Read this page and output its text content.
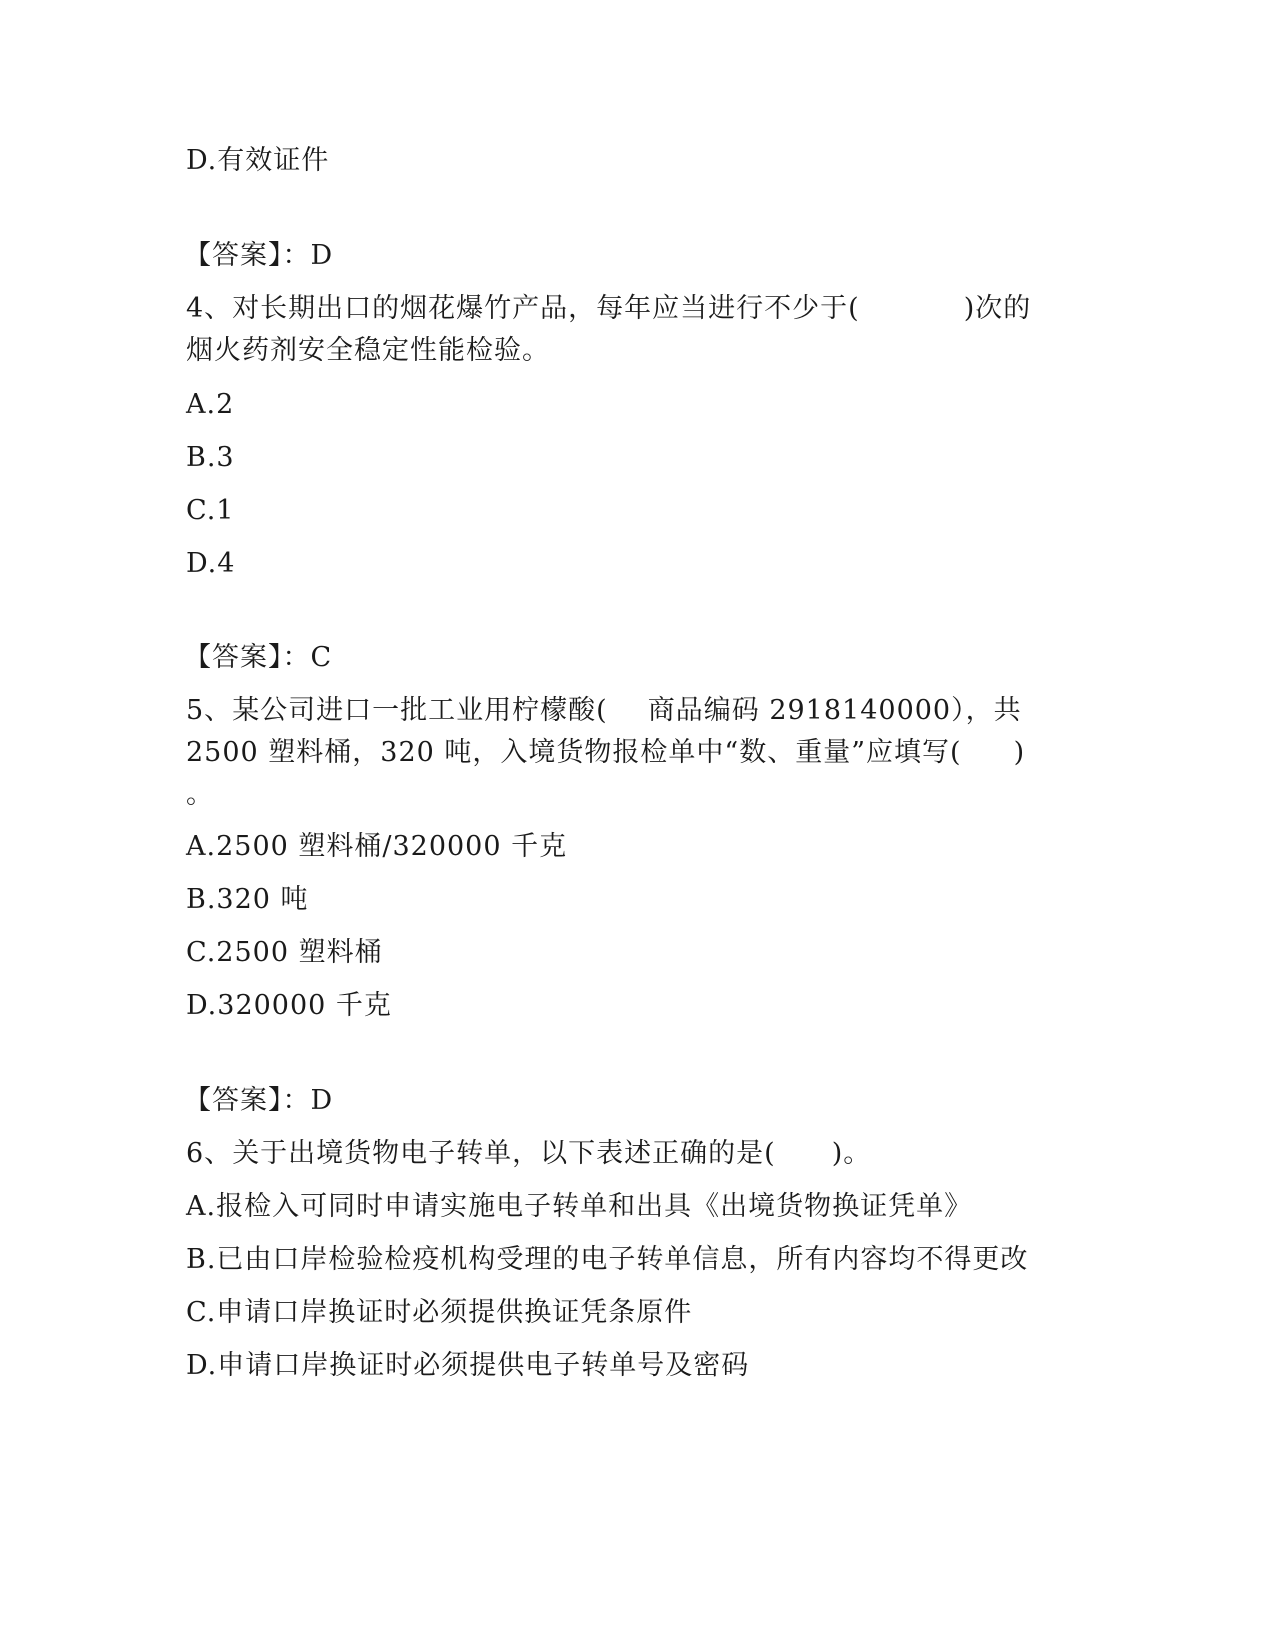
D.有效证件
【答案】：D
4、对长期出口的烟花爆竹产品，每年应当进行不少于(	)次的
烟火药剂安全稳定性能检验。
A.2
B.3
C.1
D.4
【答案】：C
5、某公司进口一批工业用柠檬酸( 商品编码 2918140000），共
2500 塑料桶，320 吨，入境货物报检单中“数、重量”应填写( )
。
A.2500 塑料桶/320000 千克
B.320 吨
C.2500 塑料桶
D.320000 千克
【答案】：D
6、关于出境货物电子转单，以下表述正确的是( )。
A.报检入可同时申请实施电子转单和出具《出境货物换证凭单》
B.已由口岸检验检疫机构受理的电子转单信息，所有内容均不得更改
C.申请口岸换证时必须提供换证凭条原件
D.申请口岸换证时必须提供电子转单号及密码
